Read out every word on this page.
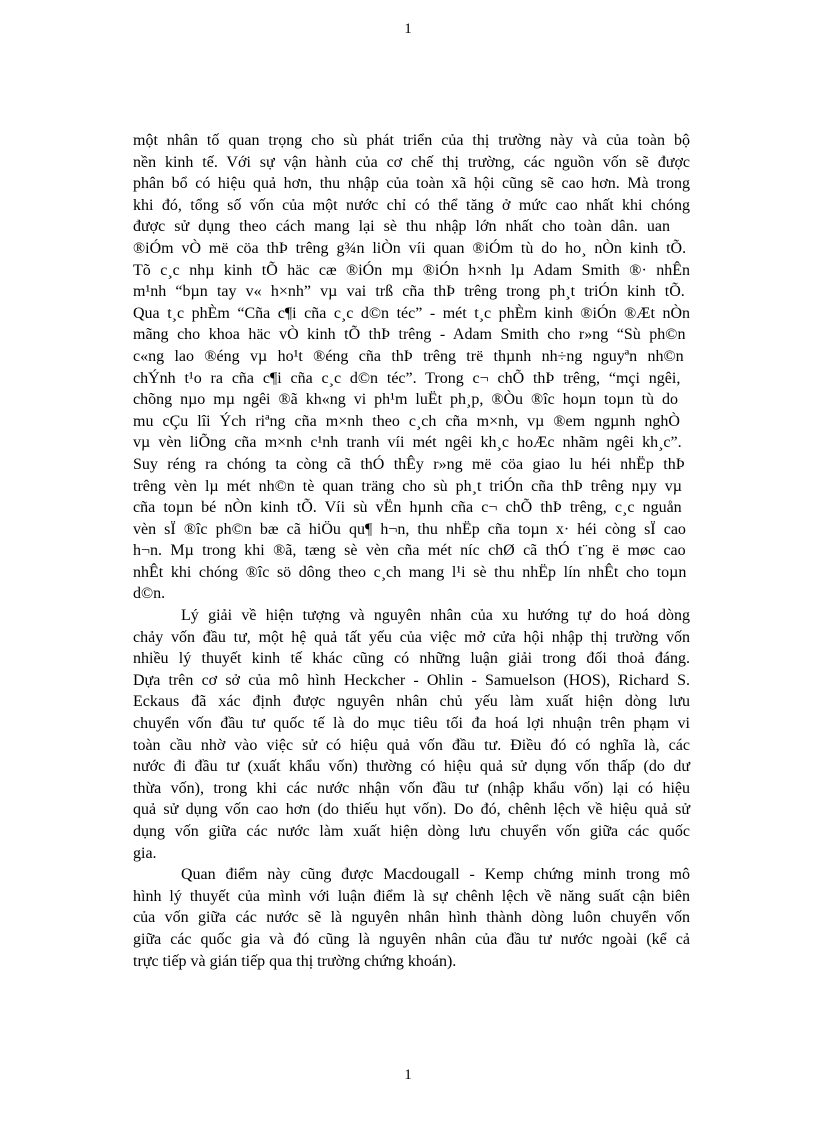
1
một nhân tố quan trọng cho sù phát triển của thị trường này và của toàn bộ
nền kinh tế. Với sự vận hành của cơ chế thị trường, các nguồn vốn sẽ được
phân bổ có hiệu quả hơn, thu nhập của toàn xã hội cũng sẽ cao hơn. Mà trong
khi đó, tổng số vốn của một nước chỉ có thể tăng ở mức cao nhất khi chóng
được sử dụng theo cách mang lại sè thu nhập lớn nhất cho toàn dân. uan
®iÓm vÒ më cöa thÞ trêng g¾n liÒn víi quan ®iÓm tù do ho¸ nÒn kinh tÕ.
Tõ c¸c nhµ kinh tÕ häc cæ ®iÓn mµ ®iÓn h×nh lµ Adam Smith ®· nhÊn
m¹nh “bµn tay v« h×nh” vµ vai trß cña thÞ trêng trong ph¸t triÓn kinh tÕ.
Qua t¸c phÈm “Cña c¶i cña c¸c d©n téc” - mét t¸c phÈm kinh ®iÓn ®Æt nÒn
mãng cho khoa häc vÒ kinh tÕ thÞ trêng - Adam Smith cho r»ng “Sù ph©n
c«ng lao ®éng vµ ho¹t ®éng cña thÞ trêng trë thµnh nh÷ng nguyªn nh©n
chÝnh t¹o ra cña c¶i cña c¸c d©n téc”. Trong c¬ chÕ thÞ trêng, “mçi ngêi,
chõng nµo mµ ngêi ®ã kh«ng vi ph¹m luËt ph¸p, ®Òu ®îc hoµn toµn tù do
mu cÇu lîi Ých riªng cña m×nh theo c¸ch cña m×nh, vµ ®em ngµnh nghÒ
vµ vèn liÕng cña m×nh c¹nh tranh víi mét ngêi kh¸c hoÆc nhãm ngêi kh¸c”.
Suy réng ra chóng ta còng cã thÓ thÊy r»ng më cöa giao lu héi nhËp thÞ
trêng vèn lµ mét nh©n tè quan träng cho sù ph¸t triÓn cña thÞ trêng nµy vµ
cña toµn bé nÒn kinh tÕ. Víi sù vËn hµnh cña c¬ chÕ thÞ trêng, c¸c nguån
vèn sÏ ®îc ph©n bæ cã hiÖu qu¶ h¬n, thu nhËp cña toµn x· héi còng sÏ cao
h¬n. Mµ trong khi ®ã, tæng sè vèn cña mét níc chØ cã thÓ t¨ng ë møc cao
nhÊt khi chóng ®îc sö dông theo c¸ch mang l¹i sè thu nhËp lín nhÊt cho toµn
d©n.
Lý giải về hiện tượng và nguyên nhân của xu hướng tự do hoá dòng
chảy vốn đầu tư, một hệ quả tất yếu của việc mở cửa hội nhập thị trường vốn
nhiều lý thuyết kinh tế khác cũng có những luận giải trong đối thoả đáng.
Dựa trên cơ sở của mô hình Heckcher - Ohlin - Samuelson (HOS), Richard S.
Eckaus đã xác định được nguyên nhân chủ yếu làm xuất hiện dòng lưu
chuyển vốn đầu tư quốc tế là do mục tiêu tối đa hoá lợi nhuận trên phạm vi
toàn cầu nhờ vào việc sử có hiệu quả vốn đầu tư. Điều đó có nghĩa là, các
nước đi đầu tư (xuất khẩu vốn) thường có hiệu quả sử dụng vốn thấp (do dư
thừa vốn), trong khi các nước nhận vốn đầu tư (nhập khẩu vốn) lại có hiệu
quả sử dụng vốn cao hơn (do thiếu hụt vốn). Do đó, chênh lệch về hiệu quả sử
dụng vốn giữa các nước làm xuất hiện dòng lưu chuyển vốn giữa các quốc
gia.
Quan điểm này cũng được Macdougall - Kemp chứng minh trong mô
hình lý thuyết của mình với luận điểm là sự chênh lệch về năng suất cận biên
của vốn giữa các nước sẽ là nguyên nhân hình thành dòng luôn chuyển vốn
giữa các quốc gia và đó cũng là nguyên nhân của đầu tư nước ngoài (kể cả
trực tiếp và gián tiếp qua thị trường chứng khoán).
1
